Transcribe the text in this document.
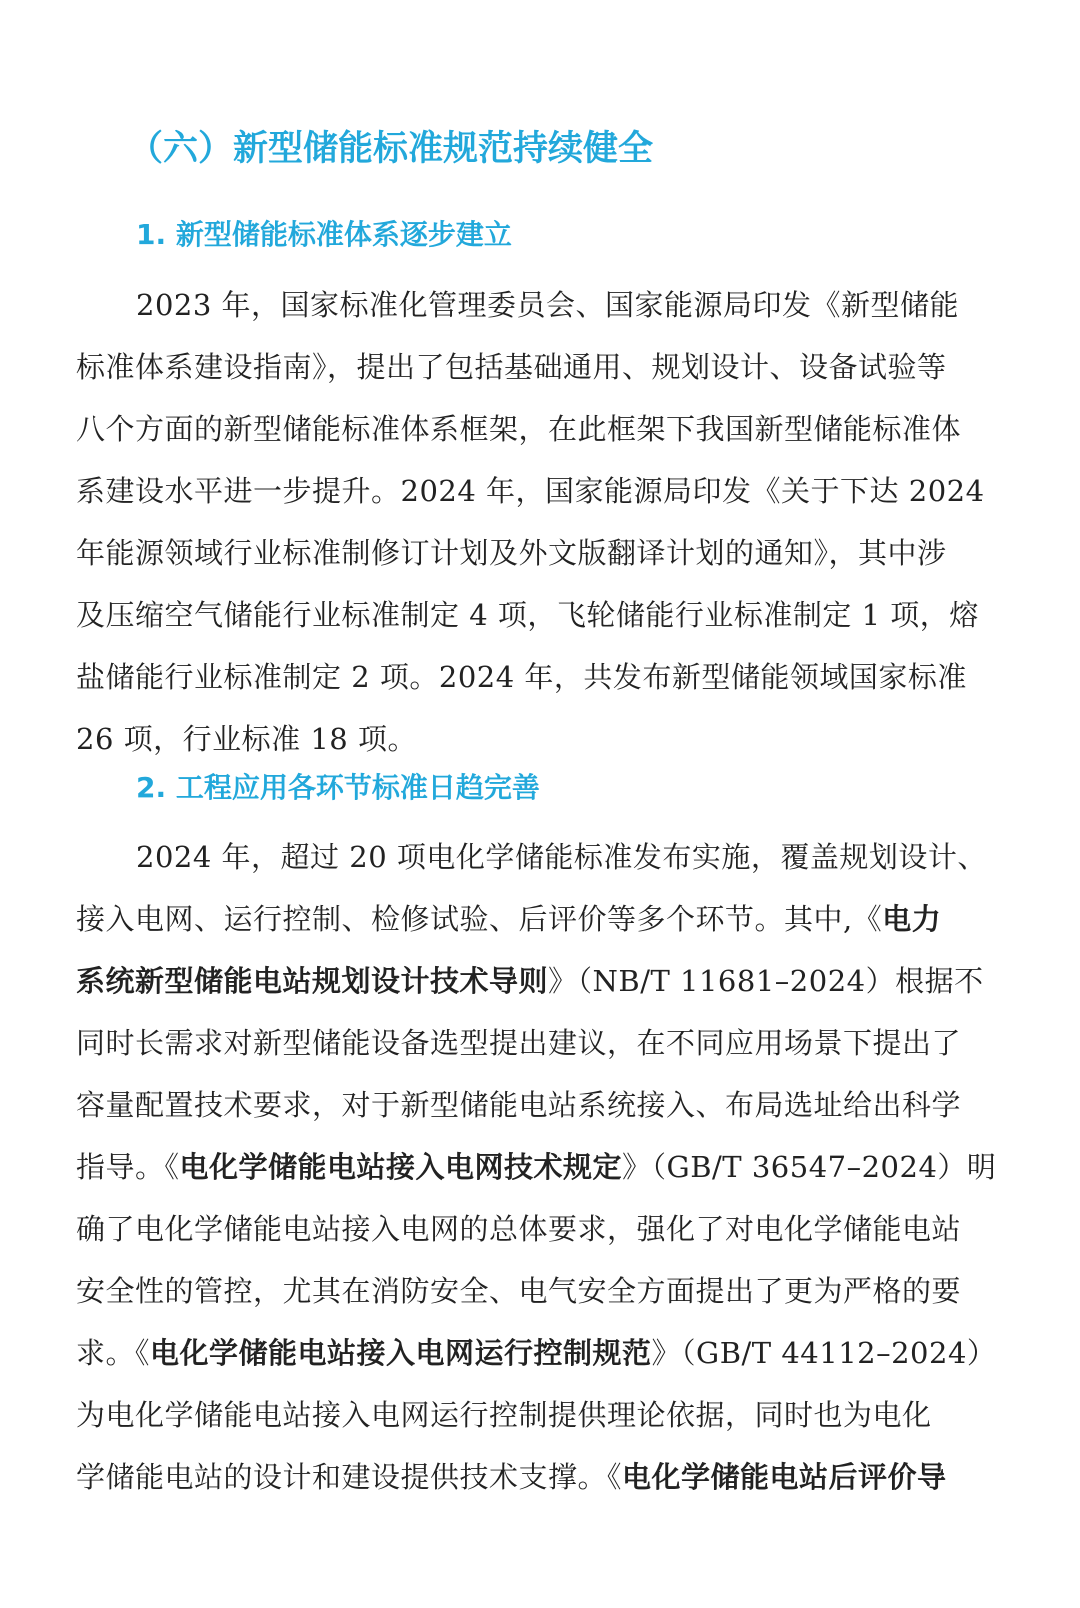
（六）新型储能标准规范持续健全
1. 新型储能标准体系逐步建立
2023 年，国家标准化管理委员会、国家能源局印发《新型储能
标准体系建设指南》，提出了包括基础通用、规划设计、设备试验等
八个方面的新型储能标准体系框架，在此框架下我国新型储能标准体
系建设水平进一步提升。2024 年，国家能源局印发《关于下达 2024
年能源领域行业标准制修订计划及外文版翻译计划的通知》，其中涉
及压缩空气储能行业标准制定 4 项，飞轮储能行业标准制定 1 项，熔
盐储能行业标准制定 2 项。2024 年，共发布新型储能领域国家标准
26 项，行业标准 18 项。
2. 工程应用各环节标准日趋完善
2024 年，超过 20 项电化学储能标准发布实施，覆盖规划设计、
接入电网、运行控制、检修试验、后评价等多个环节。其中,《电力
系统新型储能电站规划设计技术导则》（NB/T 11681–2024）根据不
同时长需求对新型储能设备选型提出建议，在不同应用场景下提出了
容量配置技术要求，对于新型储能电站系统接入、布局选址给出科学
指导。《电化学储能电站接入电网技术规定》（GB/T 36547–2024）明
确了电化学储能电站接入电网的总体要求，强化了对电化学储能电站
安全性的管控，尤其在消防安全、电气安全方面提出了更为严格的要
求。《电化学储能电站接入电网运行控制规范》（GB/T 44112–2024）
为电化学储能电站接入电网运行控制提供理论依据，同时也为电化
学储能电站的设计和建设提供技术支撑。《电化学储能电站后评价导
